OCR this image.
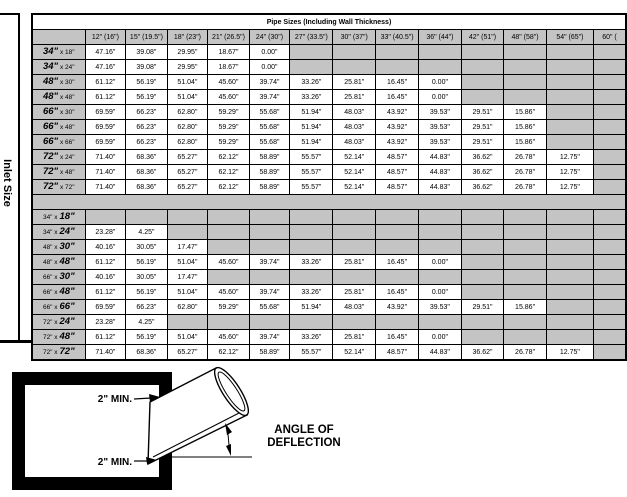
Inlet Size
Pipe Sizes (Including Wall Thickness)													
	12" (16")	15" (19.5")	18" (23")	21" (26.5")	24" (30")	27" (33.5")	30" (37")	33" (40.5")	36" (44")	42" (51")	48" (58")	54" (65")	60" (
34" x 18"	47.16"	39.08"	29.95"	18.67"	0.00"								
34" x 24"	47.16"	39.08"	29.95"	18.67"	0.00"								
48" x 30"	61.12"	56.19"	51.04"	45.60"	39.74"	33.26"	25.81"	16.45"	0.00"				
48" x 48"	61.12"	56.19"	51.04"	45.60"	39.74"	33.26"	25.81"	16.45"	0.00"				
66" x 30"	69.59"	66.23"	62.80"	59.29"	55.68"	51.94"	48.03"	43.92"	39.53"	29.51"	15.86"		
66" x 48"	69.59"	66.23"	62.80"	59.29"	55.68"	51.94"	48.03"	43.92"	39.53"	29.51"	15.86"		
66" x 66"	69.59"	66.23"	62.80"	59.29"	55.68"	51.94"	48.03"	43.92"	39.53"	29.51"	15.86"		
72" x 24"	71.40"	68.36"	65.27"	62.12"	58.89"	55.57"	52.14"	48.57"	44.83"	36.62"	26.78"	12.75"	
72" x 48"	71.40"	68.36"	65.27"	62.12"	58.89"	55.57"	52.14"	48.57"	44.83"	36.62"	26.78"	12.75"	
72" x 72"	71.40"	68.36"	65.27"	62.12"	58.89"	55.57"	52.14"	48.57"	44.83"	36.62"	26.78"	12.75"	

34" x 18"													
34" x 24"	23.28"	4.25"											
48" x 30"	40.16"	30.05"	17.47"										
48" x 48"	61.12"	56.19"	51.04"	45.60"	39.74"	33.26"	25.81"	16.45"	0.00"				
66" x 30"	40.16"	30.05"	17.47"										
66" x 48"	61.12"	56.19"	51.04"	45.60"	39.74"	33.26"	25.81"	16.45"	0.00"				
66" x 66"	69.59"	66.23"	62.80"	59.29"	55.68"	51.94"	48.03"	43.92"	39.53"	29.51"	15.86"		
72" x 24"	23.28"	4.25"											
72" x 48"	61.12"	56.19"	51.04"	45.60"	39.74"	33.26"	25.81"	16.45"	0.00"				
72" x 72"	71.40"	68.36"	65.27"	62.12"	58.89"	55.57"	52.14"	48.57"	44.83"	36.62"	26.78"	12.75"	
2" MIN.
2" MIN.
ANGLE OF
DEFLECTION
